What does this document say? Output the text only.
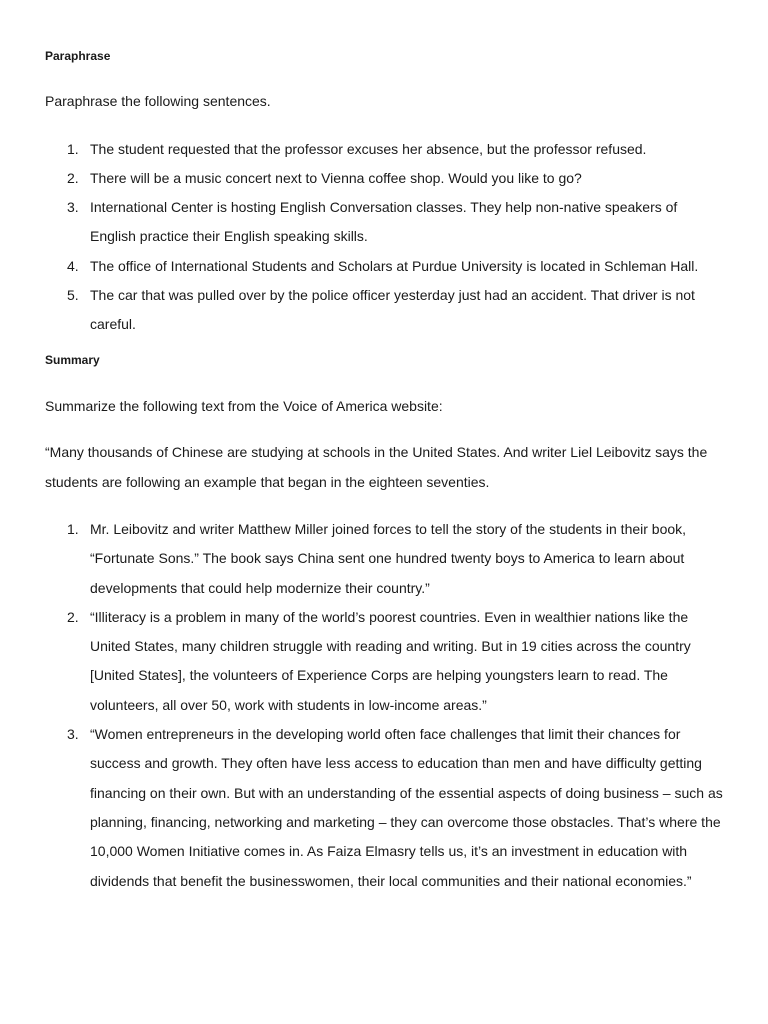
Paraphrase
Paraphrase the following sentences.
1. The student requested that the professor excuses her absence, but the professor refused.
2. There will be a music concert next to Vienna coffee shop. Would you like to go?
3. International Center is hosting English Conversation classes. They help non-native speakers of English practice their English speaking skills.
4. The office of International Students and Scholars at Purdue University is located in Schleman Hall.
5. The car that was pulled over by the police officer yesterday just had an accident. That driver is not careful.
Summary
Summarize the following text from the Voice of America website:
“Many thousands of Chinese are studying at schools in the United States. And writer Liel Leibovitz says the students are following an example that began in the eighteen seventies.
1. Mr. Leibovitz and writer Matthew Miller joined forces to tell the story of the students in their book, “Fortunate Sons.” The book says China sent one hundred twenty boys to America to learn about developments that could help modernize their country.”
2. “Illiteracy is a problem in many of the world’s poorest countries. Even in wealthier nations like the United States, many children struggle with reading and writing. But in 19 cities across the country [United States], the volunteers of Experience Corps are helping youngsters learn to read. The volunteers, all over 50, work with students in low-income areas.”
3. “Women entrepreneurs in the developing world often face challenges that limit their chances for success and growth. They often have less access to education than men and have difficulty getting financing on their own. But with an understanding of the essential aspects of doing business – such as planning, financing, networking and marketing – they can overcome those obstacles. That’s where the 10,000 Women Initiative comes in. As Faiza Elmasry tells us, it’s an investment in education with dividends that benefit the businesswomen, their local communities and their national economies.”
